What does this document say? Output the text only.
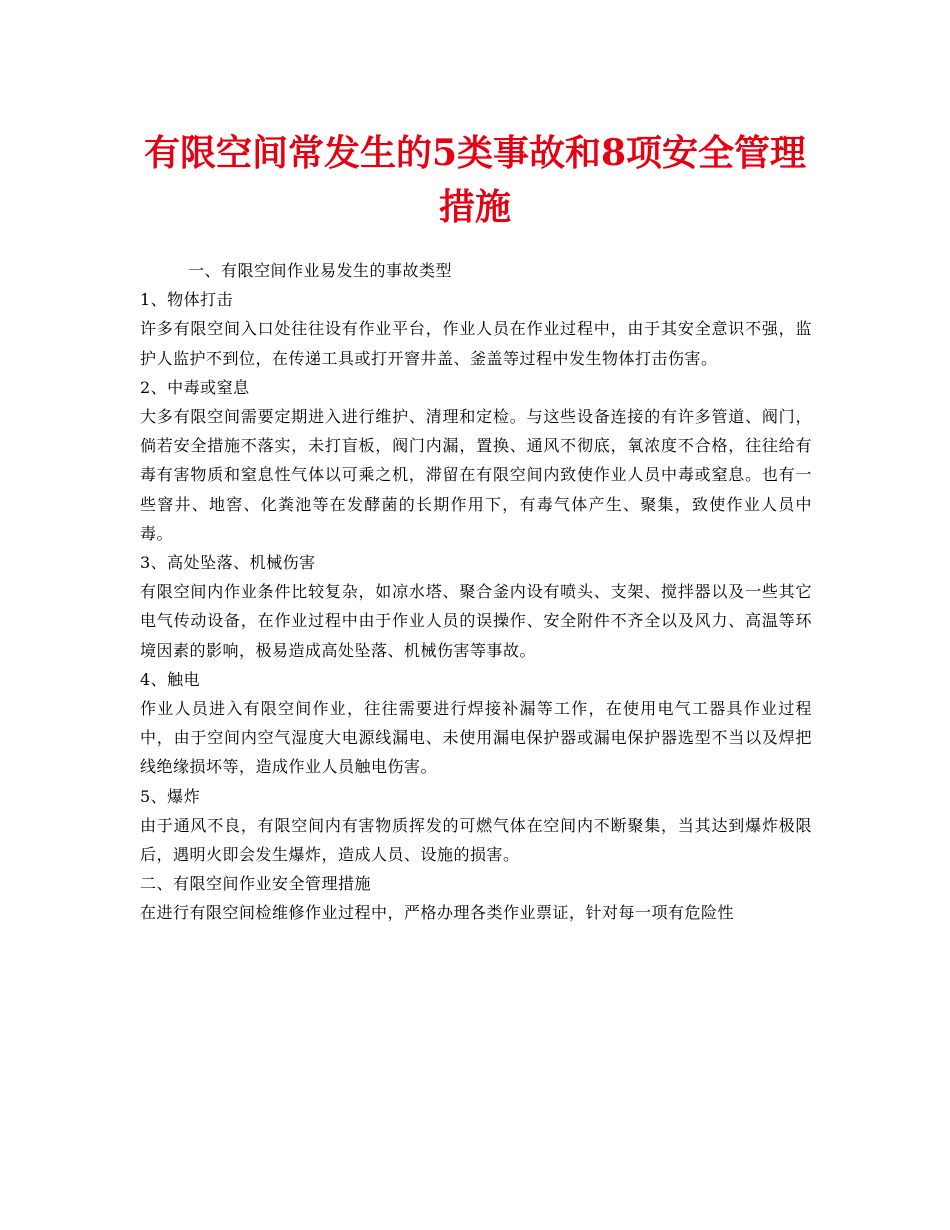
有限空间常发生的5类事故和8项安全管理措施

一、有限空间作业易发生的事故类型

1、物体打击

许多有限空间入口处往往设有作业平台，作业人员在作业过程中，由于其安全意识不强，监护人监护不到位，在传递工具或打开窨井盖、釜盖等过程中发生物体打击伤害。

2、中毒或窒息

大多有限空间需要定期进入进行维护、清理和定检。与这些设备连接的有许多管道、阀门，倘若安全措施不落实，未打盲板，阀门内漏，置换、通风不彻底，氧浓度不合格，往往给有毒有害物质和窒息性气体以可乘之机，滞留在有限空间内致使作业人员中毒或窒息。也有一些窨井、地窖、化粪池等在发酵菌的长期作用下，有毒气体产生、聚集，致使作业人员中毒。

3、高处坠落、机械伤害

有限空间内作业条件比较复杂，如凉水塔、聚合釜内设有喷头、支架、搅拌器以及一些其它电气传动设备，在作业过程中由于作业人员的误操作、安全附件不齐全以及风力、高温等环境因素的影响，极易造成高处坠落、机械伤害等事故。

4、触电

作业人员进入有限空间作业，往往需要进行焊接补漏等工作，在使用电气工器具作业过程中，由于空间内空气湿度大电源线漏电、未使用漏电保护器或漏电保护器选型不当以及焊把线绝缘损坏等，造成作业人员触电伤害。

5、爆炸

由于通风不良，有限空间内有害物质挥发的可燃气体在空间内不断聚集，当其达到爆炸极限后，遇明火即会发生爆炸，造成人员、设施的损害。

二、有限空间作业安全管理措施

在进行有限空间检维修作业过程中，严格办理各类作业票证，针对每一项有危险性
